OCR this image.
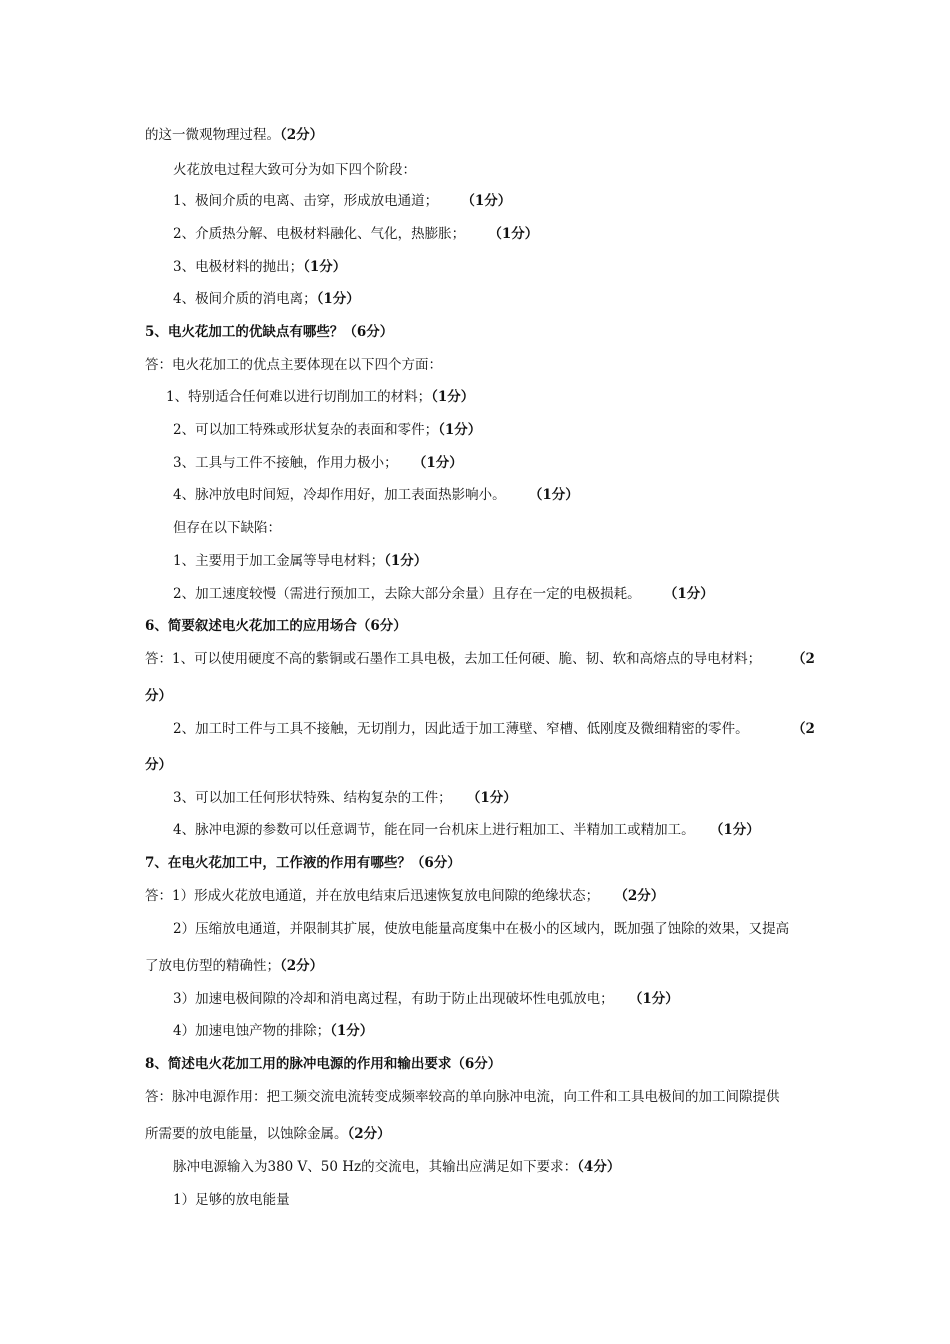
的这一微观物理过程。（2分）
火花放电过程大致可分为如下四个阶段：
1、极间介质的电离、击穿，形成放电通道； （1分）
2、介质热分解、电极材料融化、气化，热膨胀； （1分）
3、电极材料的抛出；（1分）
4、极间介质的消电离；（1分）
5、电火花加工的优缺点有哪些？（6分）
答：电火花加工的优点主要体现在以下四个方面：
1、特别适合任何难以进行切削加工的材料；（1分）
2、可以加工特殊或形状复杂的表面和零件；（1分）
3、工具与工件不接触，作用力极小； （1分）
4、脉冲放电时间短，冷却作用好，加工表面热影响小。 （1分）
但存在以下缺陷：
1、主要用于加工金属等导电材料；（1分）
2、加工速度较慢（需进行预加工，去除大部分余量）且存在一定的电极损耗。 （1分）
6、简要叙述电火花加工的应用场合（6分）
答：1、可以使用硬度不高的紫铜或石墨作工具电极，去加工任何硬、脆、韧、软和高熔点的导电材料； （2
分）
2、加工时工件与工具不接触，无切削力，因此适于加工薄壁、窄槽、低刚度及微细精密的零件。	（2
分）
3、可以加工任何形状特殊、结构复杂的工件； （1分）
4、脉冲电源的参数可以任意调节，能在同一台机床上进行粗加工、半精加工或精加工。 （1分）
7、在电火花加工中，工作液的作用有哪些？（6分）
答：1）形成火花放电通道，并在放电结束后迅速恢复放电间隙的绝缘状态； （2分）
2）压缩放电通道，并限制其扩展，使放电能量高度集中在极小的区域内，既加强了蚀除的效果，又提高
了放电仿型的精确性；（2分）
3）加速电极间隙的冷却和消电离过程，有助于防止出现破坏性电弧放电； （1分）
4）加速电蚀产物的排除；（1分）
8、简述电火花加工用的脉冲电源的作用和输出要求（6分）
答：脉冲电源作用：把工频交流电流转变成频率较高的单向脉冲电流，向工件和工具电极间的加工间隙提供
所需要的放电能量，以蚀除金属。（2分）
脉冲电源输入为380 V、50 Hz的交流电，其输出应满足如下要求：（4分）
1）足够的放电能量
